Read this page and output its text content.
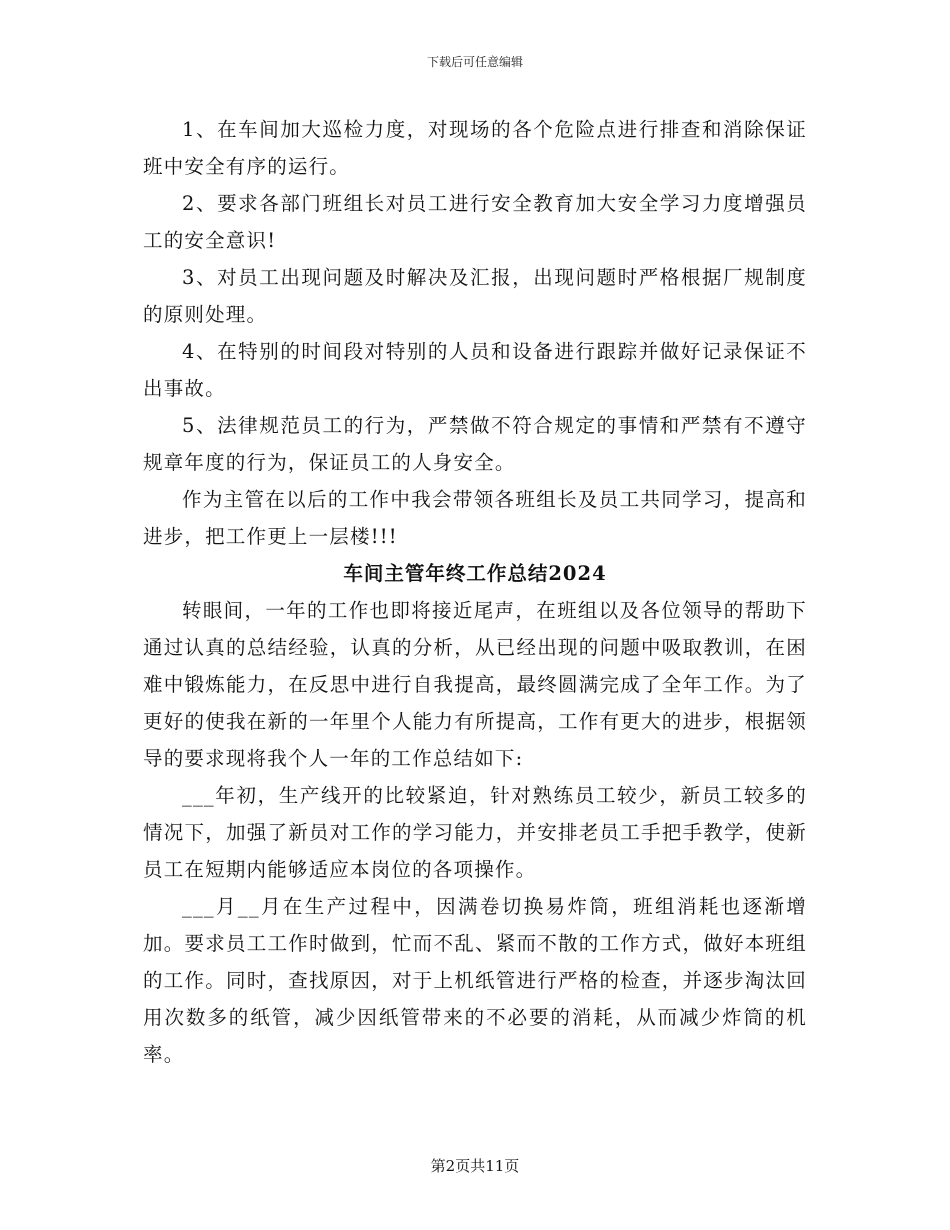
下载后可任意编辑

1、在车间加大巡检力度，对现场的各个危险点进行排查和消除保证班中安全有序的运行。

2、要求各部门班组长对员工进行安全教育加大安全学习力度增强员工的安全意识!

3、对员工出现问题及时解决及汇报，出现问题时严格根据厂规制度的原则处理。

4、在特别的时间段对特别的人员和设备进行跟踪并做好记录保证不出事故。

5、法律规范员工的行为，严禁做不符合规定的事情和严禁有不遵守规章年度的行为，保证员工的人身安全。

作为主管在以后的工作中我会带领各班组长及员工共同学习，提高和进步，把工作更上一层楼!!!

车间主管年终工作总结2024

转眼间，一年的工作也即将接近尾声，在班组以及各位领导的帮助下通过认真的总结经验，认真的分析，从已经出现的问题中吸取教训，在困难中锻炼能力，在反思中进行自我提高，最终圆满完成了全年工作。为了更好的使我在新的一年里个人能力有所提高，工作有更大的进步，根据领导的要求现将我个人一年的工作总结如下:

___年初，生产线开的比较紧迫，针对熟练员工较少，新员工较多的情况下，加强了新员对工作的学习能力，并安排老员工手把手教学，使新员工在短期内能够适应本岗位的各项操作。

___月__月在生产过程中，因满卷切换易炸筒，班组消耗也逐渐增加。要求员工工作时做到，忙而不乱、紧而不散的工作方式，做好本班组的工作。同时，查找原因，对于上机纸管进行严格的检查，并逐步淘汰回用次数多的纸管，减少因纸管带来的不必要的消耗，从而减少炸筒的机率。

第2页共11页
